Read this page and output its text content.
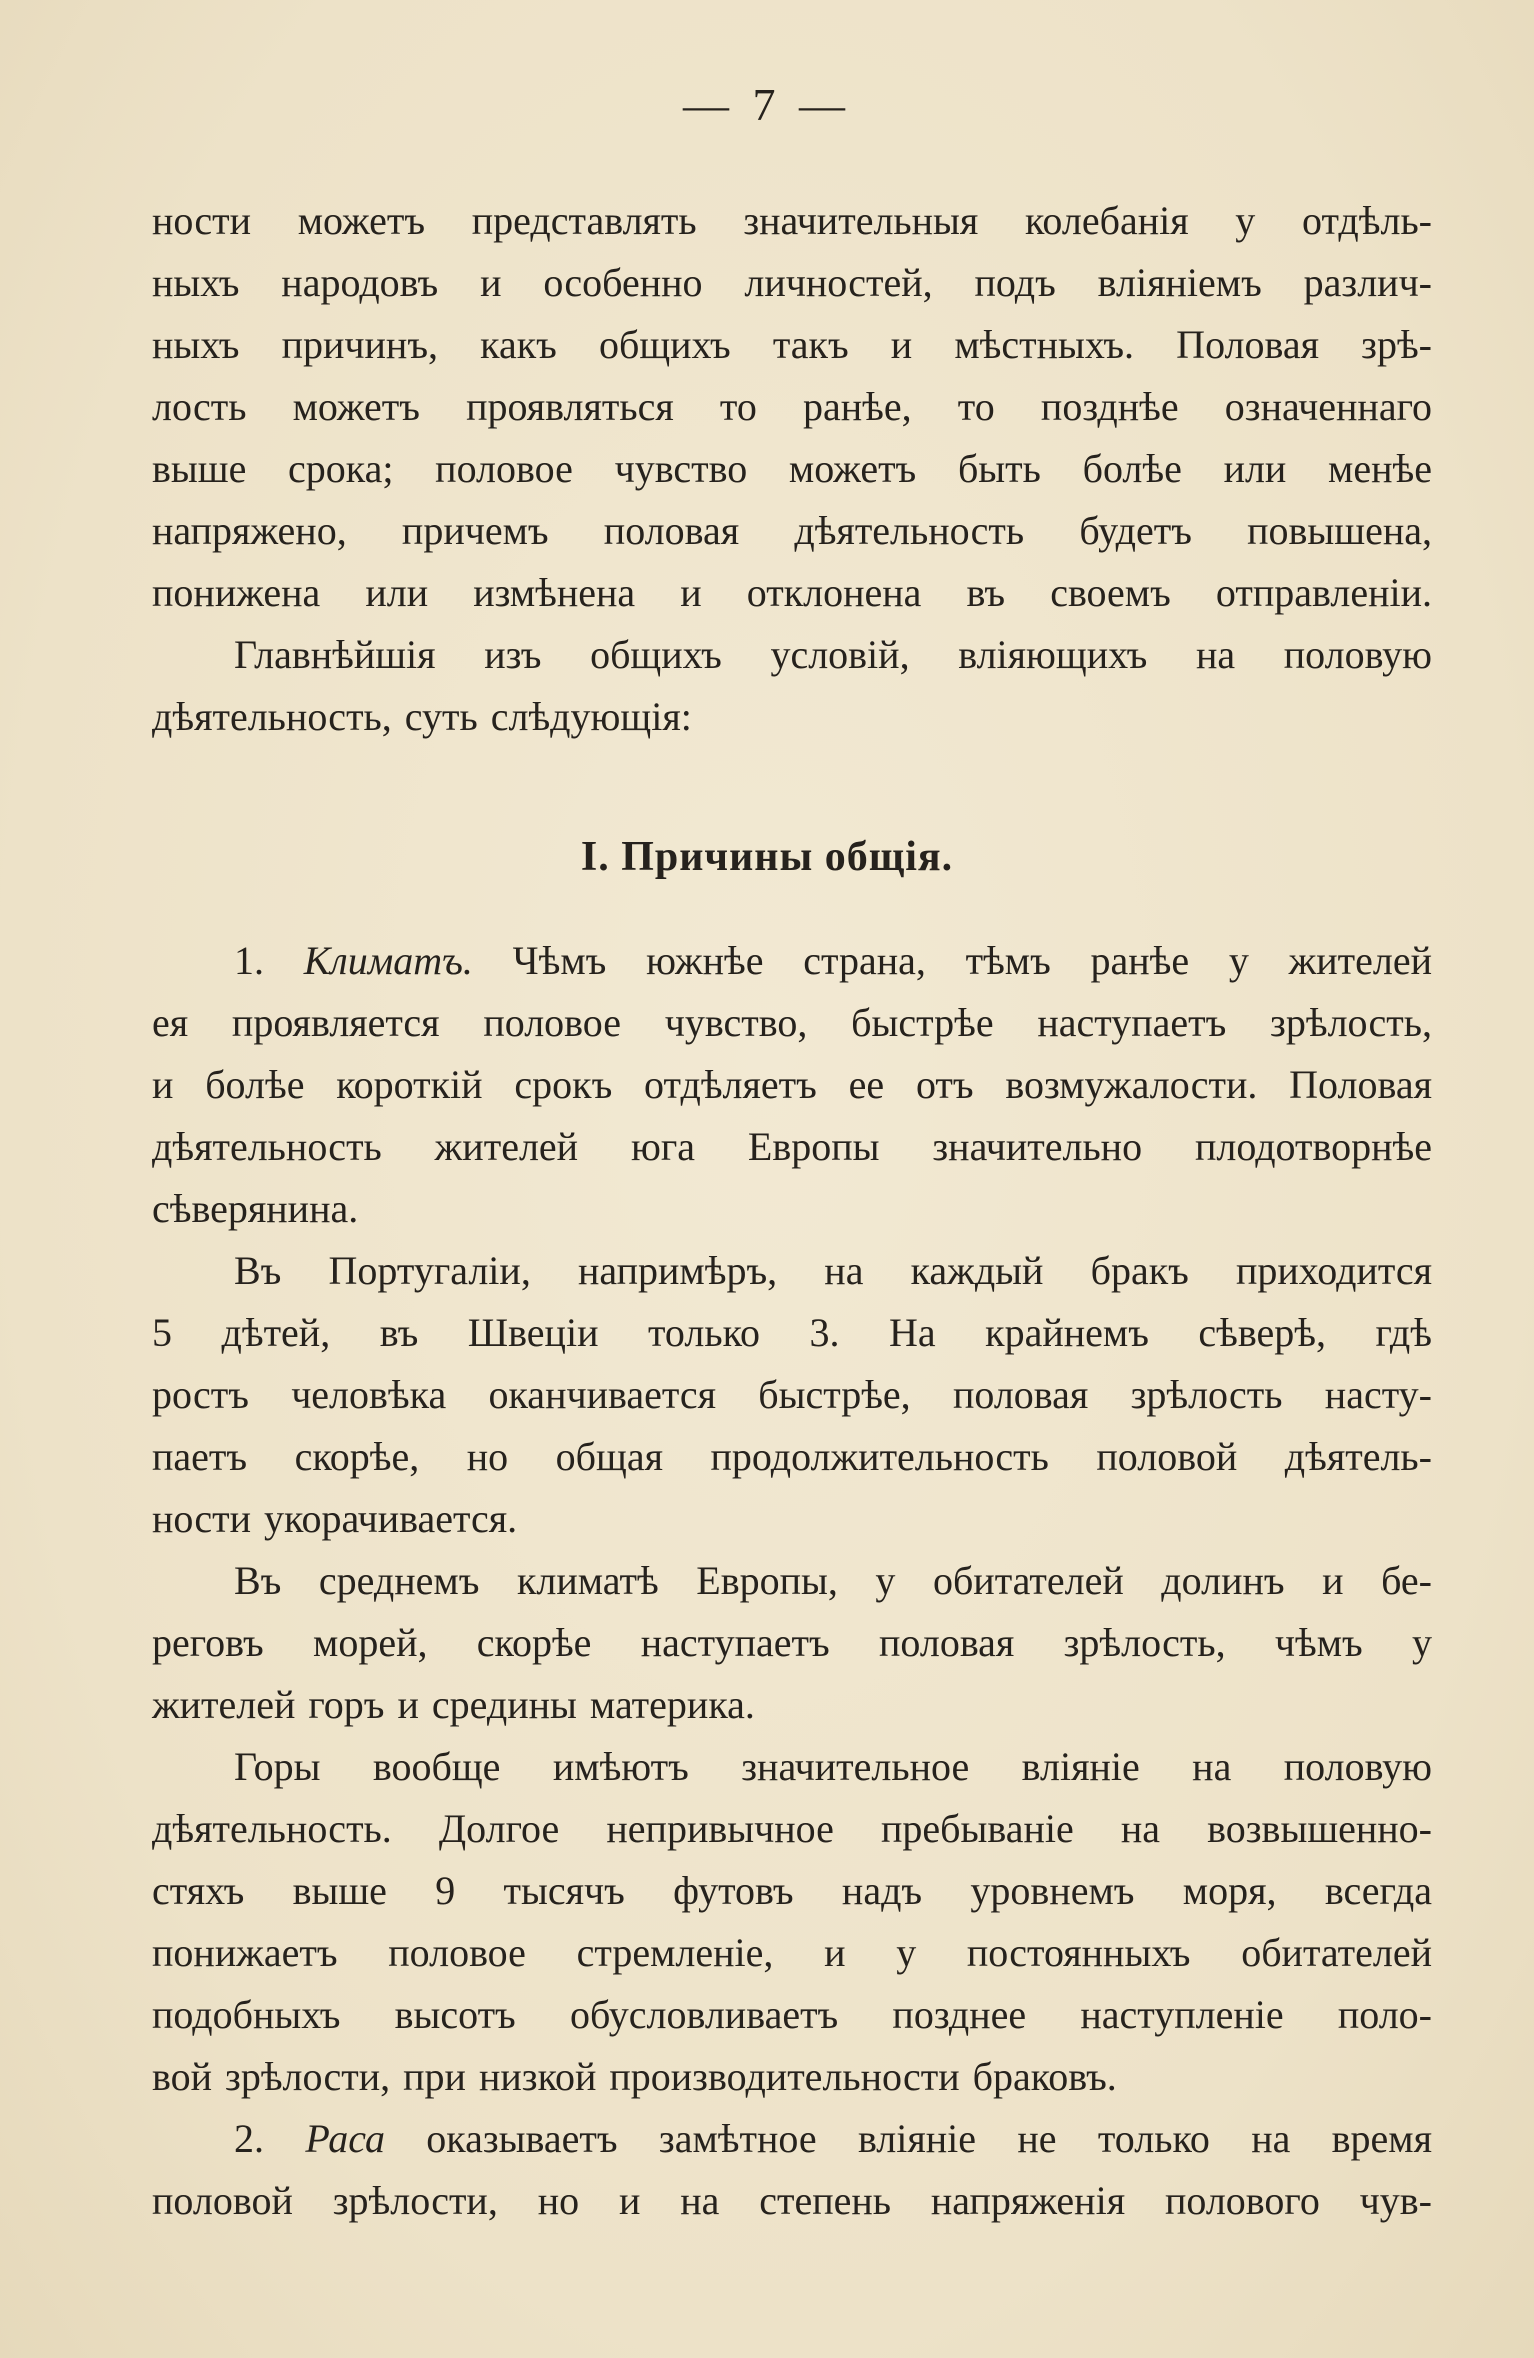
— 7 —
ности можетъ представлять значительныя колебанія у отдѣль-
ныхъ народовъ и особенно личностей, подъ вліяніемъ различ-
ныхъ причинъ, какъ общихъ такъ и мѣстныхъ. Половая зрѣ-
лость можетъ проявляться то ранѣе, то позднѣе означеннаго
выше срока; половое чувство можетъ быть болѣе или менѣе
напряжено, причемъ половая дѣятельность будетъ повышена,
понижена или измѣнена и отклонена въ своемъ отправленіи.
Главнѣйшія изъ общихъ условій, вліяющихъ на половую
дѣятельность, суть слѣдующія:
I. Причины общія.
1. Климатъ. Чѣмъ южнѣе страна, тѣмъ ранѣе у жителей
ея проявляется половое чувство, быстрѣе наступаетъ зрѣлость,
и болѣе короткій срокъ отдѣляетъ ее отъ возмужалости. Половая
дѣятельность жителей юга Европы значительно плодотворнѣе
сѣверянина.
Въ Португаліи, напримѣръ, на каждый бракъ приходится
5 дѣтей, въ Швеціи только 3. На крайнемъ сѣверѣ, гдѣ
ростъ человѣка оканчивается быстрѣе, половая зрѣлость насту-
паетъ скорѣе, но общая продолжительность половой дѣятель-
ности укорачивается.
Въ среднемъ климатѣ Европы, у обитателей долинъ и бе-
реговъ морей, скорѣе наступаетъ половая зрѣлость, чѣмъ у
жителей горъ и средины материка.
Горы вообще имѣютъ значительное вліяніе на половую
дѣятельность. Долгое непривычное пребываніе на возвышенно-
стяхъ выше 9 тысячъ футовъ надъ уровнемъ моря, всегда
понижаетъ половое стремленіе, и у постоянныхъ обитателей
подобныхъ высотъ обусловливаетъ позднее наступленіе поло-
вой зрѣлости, при низкой производительности браковъ.
2. Раса оказываетъ замѣтное вліяніе не только на время
половой зрѣлости, но и на степень напряженія полового чув-
